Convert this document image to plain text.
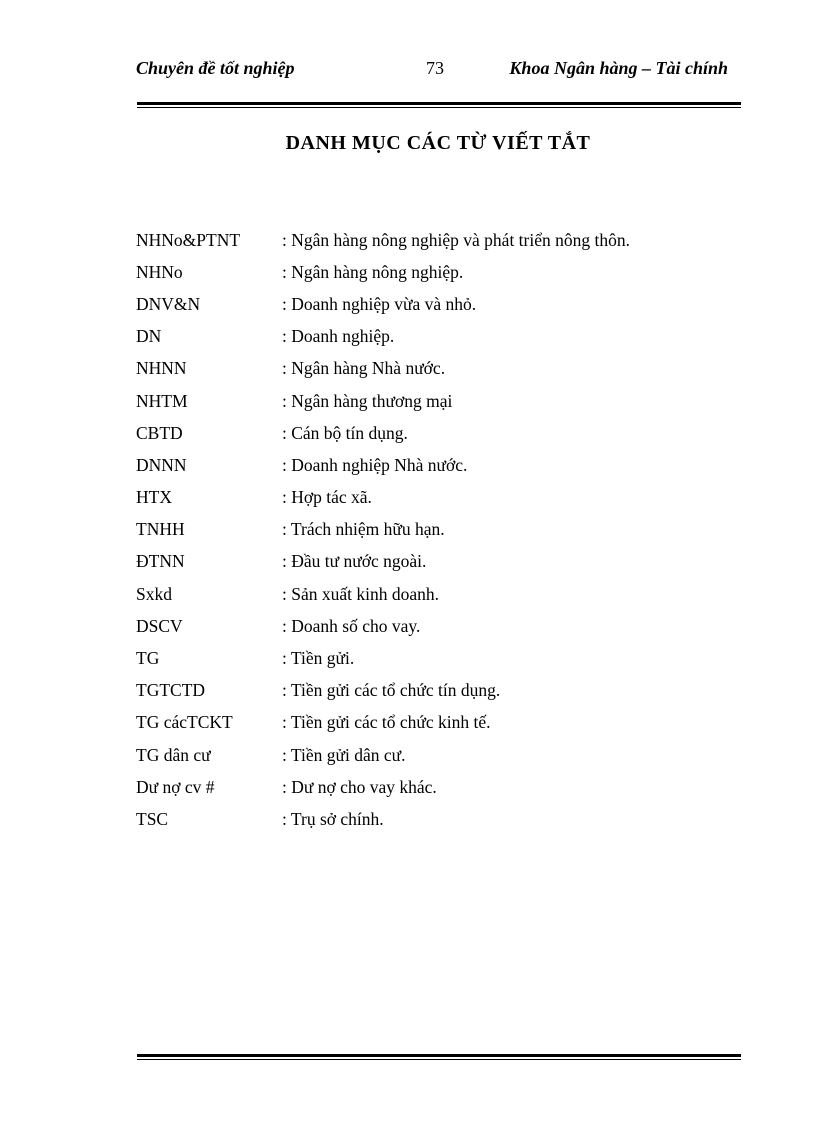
Chuyên đề tốt nghiệp	73	Khoa Ngân hàng – Tài chính
DANH MỤC CÁC TỪ VIẾT TẮT
NHNo&PTNT	: Ngân hàng nông nghiệp và phát triển nông thôn.
NHNo	: Ngân hàng nông nghiệp.
DNV&N	: Doanh nghiệp vừa và nhỏ.
DN	: Doanh nghiệp.
NHNN	: Ngân hàng Nhà nước.
NHTM	: Ngân hàng thương mại
CBTD	: Cán bộ tín dụng.
DNNN	: Doanh nghiệp Nhà nước.
HTX	: Hợp tác xã.
TNHH	: Trách nhiệm hữu hạn.
ĐTNN	: Đầu tư nước ngoài.
Sxkd	: Sản xuất kinh doanh.
DSCV	: Doanh số cho vay.
TG	: Tiền gửi.
TGTCTD	: Tiền gửi các tổ chức tín dụng.
TG cácTCKT	: Tiền gửi các tổ chức kinh tế.
TG dân cư	: Tiền gửi dân cư.
Dư nợ cv #	: Dư nợ cho vay khác.
TSC	: Trụ sở chính.
